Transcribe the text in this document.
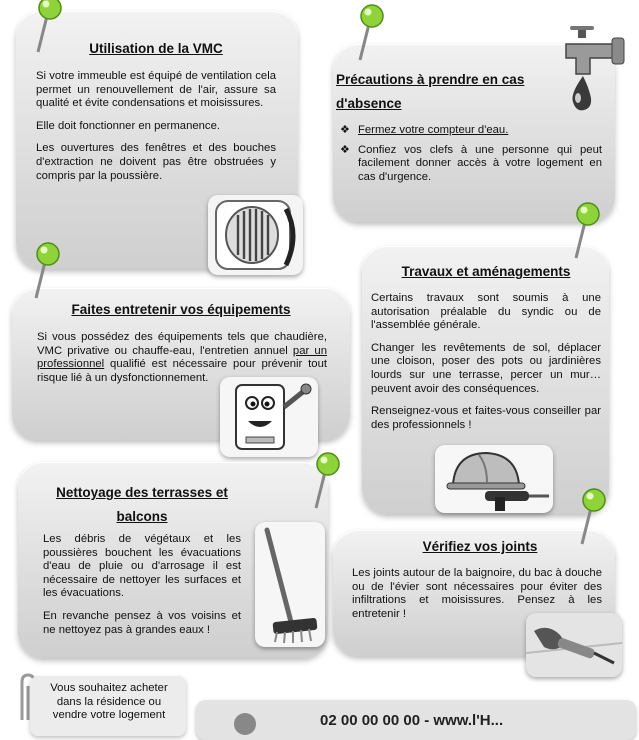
Utilisation de la VMC

Si votre immeuble est équipé de ventilation cela permet un renouvellement de l'air, assure sa qualité et évite condensations et moisissures.

Elle doit fonctionner en permanence.

Les ouvertures des fenêtres et des bouches d'extraction ne doivent pas être obstruées y compris par la poussière.

Précautions à prendre en cas d'absence
❖ Fermez votre compteur d'eau.
❖ Confiez vos clefs à une personne qui peut facilement donner accès à votre logement en cas d'urgence.
Faites entretenir vos équipements

Si vous possédez des équipements tels que chaudière, VMC privative ou chauffe-eau, l'entretien annuel par un professionnel qualifié est nécessaire pour prévenir tout risque lié à un dysfonctionnement.

Travaux et aménagements

Certains travaux sont soumis à une autorisation préalable du syndic ou de l'assemblée générale.

Changer les revêtements de sol, déplacer une cloison, poser des pots ou jardinières lourds sur une terrasse, percer un mur… peuvent avoir des conséquences.

Renseignez-vous et faites-vous conseiller par des professionnels !

Nettoyage des terrasses et balcons

Les débris de végétaux et les poussières bouchent les évacuations d'eau de pluie ou d'arrosage il est nécessaire de nettoyer les surfaces et les évacuations.

En revanche pensez à vos voisins et ne nettoyez pas à grandes eaux !

Vérifiez vos joints

Les joints autour de la baignoire, du bac à douche ou de l'évier sont nécessaires pour éviter des infiltrations et moisissures. Pensez à les entretenir !

Vous souhaitez acheter dans la résidence ou vendre votre logement	02 00 00 00 00 - www.l'H...
